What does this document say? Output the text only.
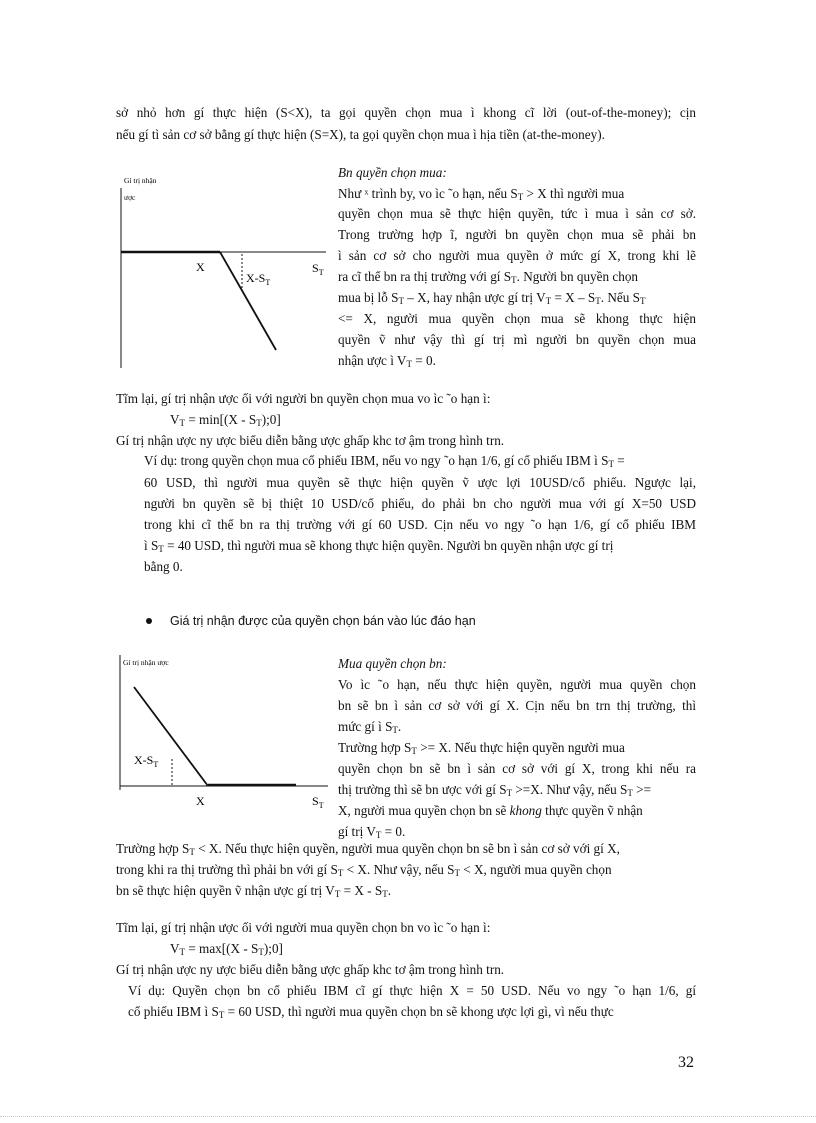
sở nhỏ hơn gí thực hiện (S<X), ta gọi quyền chọn mua ì khong cĩ lời (out-of-the-money); cịn
nếu gí tì sản cơ sở bằng gí thực hiện (S=X), ta gọi quyền chọn mua ì hịa tiền (at-the-money).
Gí trị nhận
ược
X
$X-S_T$
$S_T$
Bn quyền chọn mua:
Như ˣ trình by, vo ìc ˜o hạn, nếu $S_T > X$ thì người mua
quyền chọn mua sẽ thực hiện quyền, tức ì mua ì sản cơ sở.
Trong trường hợp ĩ, người bn quyền chọn mua sẽ phải bn
ì sản cơ sở cho người mua quyền ở mức gí X, trong khi lẽ
ra cĩ thể bn ra thị trường với gí $S_T$. Người bn quyền chọn
mua bị lỗ $S_T$ – X, hay nhận ược gí trị $V_T = X - S_T$. Nếu $S_T$
<= X, người mua quyền chọn mua sẽ khong thực hiện
quyền ṽ như vậy thì gí trị mì người bn quyền chọn mua
nhận ược ì $V_T = 0$.
Tĩm lại, gí trị nhận ược ối với người bn quyền chọn mua vo ìc ˜o hạn ì:
$V_T = \min[(X$ - $S_T);0$]
Gí trị nhận ược ny ược biểu diễn bằng ược ghấp khc tơ ậm trong hình trn.
Ví dụ: trong quyền chọn mua cổ phiếu IBM, nếu vo ngy ˜o hạn 1/6, gí cổ phiếu IBM ì $S_T$ =
60 USD, thì người mua quyền sẽ thực hiện quyền ṽ ược lợi 10USD/cổ phiếu. Ngược lại,
người bn quyền sẽ bị thiệt 10 USD/cổ phiếu, do phải bn cho người mua với gí X=50 USD
trong khi cĩ thể bn ra thị trường với gí 60 USD. Cịn nếu vo ngy ˜o hạn 1/6, gí cổ phiếu IBM
ì $S_T = 40$ USD, thì người mua sẽ khong thực hiện quyền. Người bn quyền nhận ược gí trị
bằng 0.
Giá trị nhận được của quyền chọn bán vào lúc đáo hạn
Gí trị nhận ược
$X-S_T$
X	$S_T$
Mua quyền chọn bn:
Vo ìc ˜o hạn, nếu thực hiện quyền, người mua quyền chọn
bn sẽ bn ì sản cơ sở với gí X. Cịn nếu bn trn thị trường, thì
mức gí ì $S_T$.
Trường hợp $S_T >= X$. Nếu thực hiện quyền người mua
quyền chọn bn sẽ bn ì sản cơ sở với gí X, trong khi nếu ra
thị trường thì sẽ bn ược với gí $S_T >=X$. Như vậy, nếu $S_T$ >=
X, người mua quyền chọn bn sẽ khong thực quyền ṽ nhận
gí trị $V_T = 0$.
Trường hợp $S_T < X$. Nếu thực hiện quyền, người mua quyền chọn bn sẽ bn ì sản cơ sở với gí X,
trong khi ra thị trường thì phải bn với gí $S_T < X$. Như vậy, nếu $S_T < X$, người mua quyền chọn
bn sẽ thực hiện quyền ṽ nhận ược gí trị $V_T = X - S_T$.
Tĩm lại, gí trị nhận ược ối với người mua quyền chọn bn vo ìc ˜o hạn ì:
$V_T = \max[(X$ - $S_T);0$]
Gí trị nhận ược ny ược biểu diễn bằng ược ghấp khc tơ ậm trong hình trn.
Ví dụ: Quyền chọn bn cổ phiếu IBM cĩ gí thực hiện X = 50 USD. Nếu vo ngy ˜o hạn 1/6, gí
cổ phiếu IBM ì $S_T = 60$ USD, thì người mua quyền chọn bn sẽ khong ược lợi gì, vì nếu thực
32
